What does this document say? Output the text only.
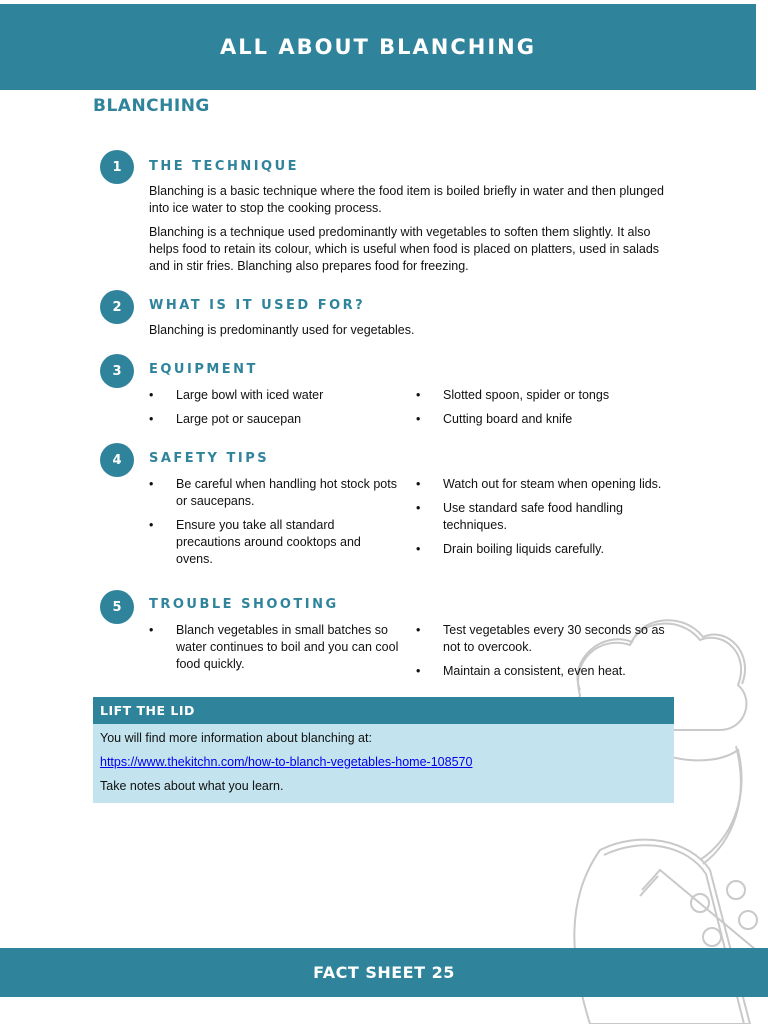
ALL ABOUT BLANCHING
BLANCHING
1	THE TECHNIQUE

Blanching is a basic technique where the food item is boiled briefly in water and then plunged into ice water to stop the cooking process.

Blanching is a technique used predominantly with vegetables to soften them slightly. It also helps food to retain its colour, which is useful when food is placed on platters, used in salads and in stir fries. Blanching also prepares food for freezing.

2	WHAT IS IT USED FOR?

Blanching is predominantly used for vegetables.

3	EQUIPMENT
• Large bowl with iced water
• Large pot or saucepan
• Slotted spoon, spider or tongs
• Cutting board and knife
4	SAFETY TIPS
• Be careful when handling hot stock pots or saucepans.
• Ensure you take all standard precautions around cooktops and ovens.
• Watch out for steam when opening lids.
• Use standard safe food handling techniques.
• Drain boiling liquids carefully.
5	TROUBLE SHOOTING
• Blanch vegetables in small batches so water continues to boil and you can cool food quickly.
• Test vegetables every 30 seconds so as not to overcook.
• Maintain a consistent, even heat.
LIFT THE LID

You will find more information about blanching at:

https://www.thekitchn.com/how-to-blanch-vegetables-home-108570

Take notes about what you learn.

FACT SHEET 25
